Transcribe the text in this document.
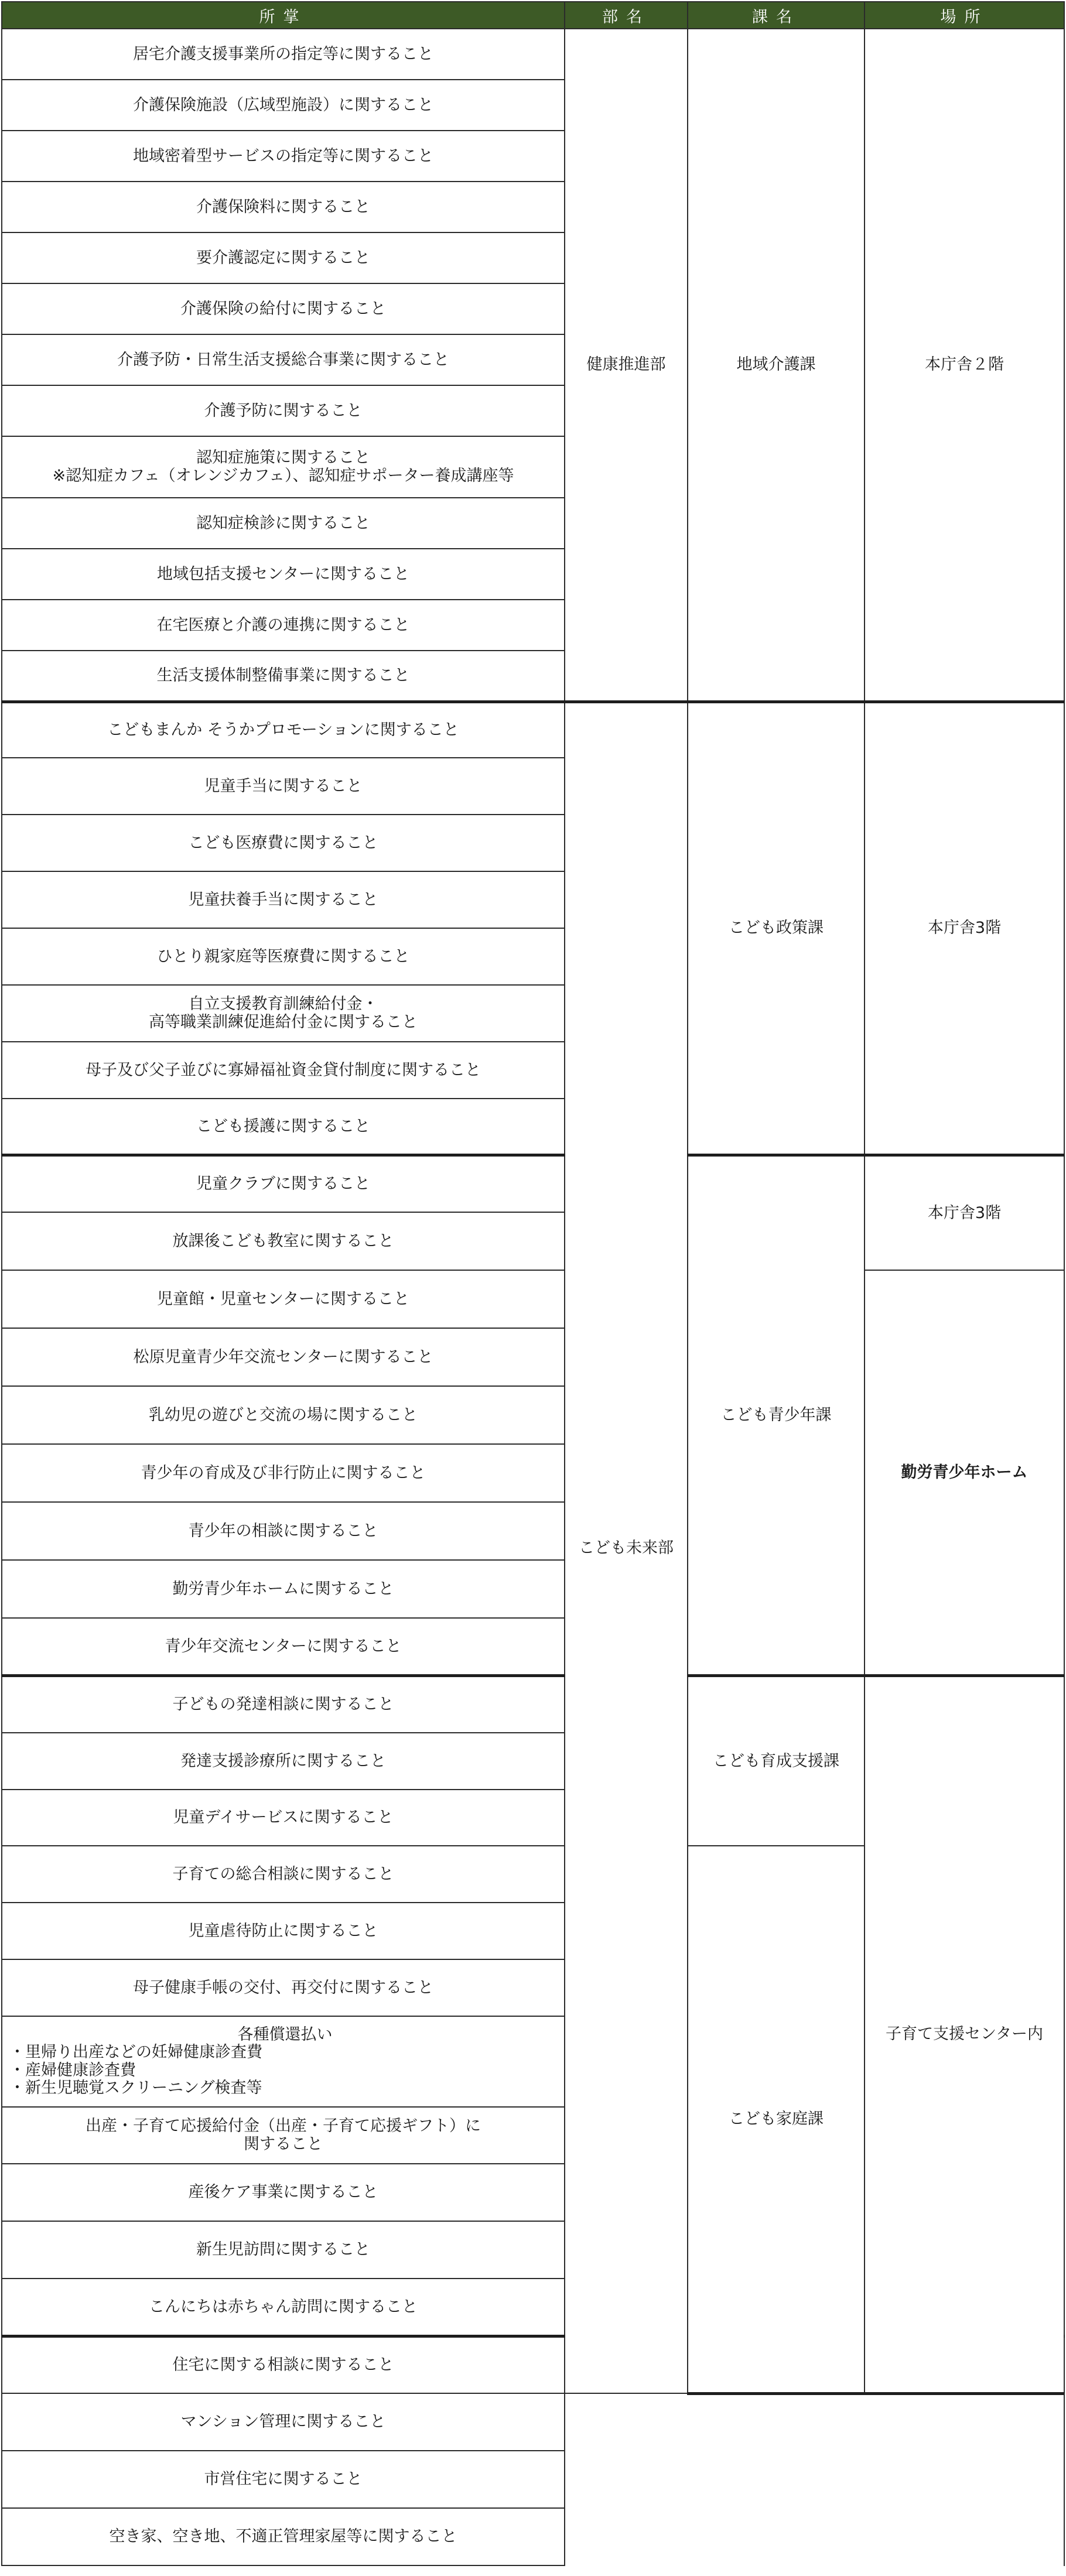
所掌	部名	課名	場所	
居宅介護支援事業所の指定等に関すること	健康推進部	地域介護課	本庁舎２階	
介護保険施設（広域型施設）に関すること				
地域密着型サービスの指定等に関すること				
介護保険料に関すること				
要介護認定に関すること				
介護保険の給付に関すること				
介護予防・日常生活支援総合事業に関すること				
介護予防に関すること				

認知症施策に関すること
※認知症カフェ（オレンジカフェ）、認知症サポーター養成講座等				

認知症検診に関すること				
地域包括支援センターに関すること				
在宅医療と介護の連携に関すること				
生活支援体制整備事業に関すること				
こどもまんか そうかプロモーションに関すること	こども未来部	こども政策課	本庁舎3階	
児童手当に関すること				
こども医療費に関すること				
児童扶養手当に関すること				
ひとり親家庭等医療費に関すること				

自立支援教育訓練給付金・
高等職業訓練促進給付金に関すること				

母子及び父子並びに寡婦福祉資金貸付制度に関すること				
こども援護に関すること				
児童クラブに関すること		こども青少年課	本庁舎3階	
放課後こども教室に関すること				
児童館・児童センターに関すること			勤労青少年ホーム	
松原児童青少年交流センターに関すること				
乳幼児の遊びと交流の場に関すること				
青少年の育成及び非行防止に関すること				
青少年の相談に関すること				
勤労青少年ホームに関すること				
青少年交流センターに関すること				
子どもの発達相談に関すること		こども育成支援課	子育て支援センター内	
発達支援診療所に関すること				
児童デイサービスに関すること				
子育ての総合相談に関すること		こども家庭課		
児童虐待防止に関すること				
母子健康手帳の交付、再交付に関すること				

各種償還払い
・里帰り出産などの妊婦健康診査費
・産婦健康診査費
・新生児聴覚スクリーニング検査等				

出産・子育て応援給付金（出産・子育て応援ギフト）に
関すること				

産後ケア事業に関すること				
新生児訪問に関すること				
こんにちは赤ちゃん訪問に関すること				
住宅に関する相談に関すること			
マンション管理に関すること				
市営住宅に関すること				
空き家、空き地、不適正管理家屋等に関すること				
